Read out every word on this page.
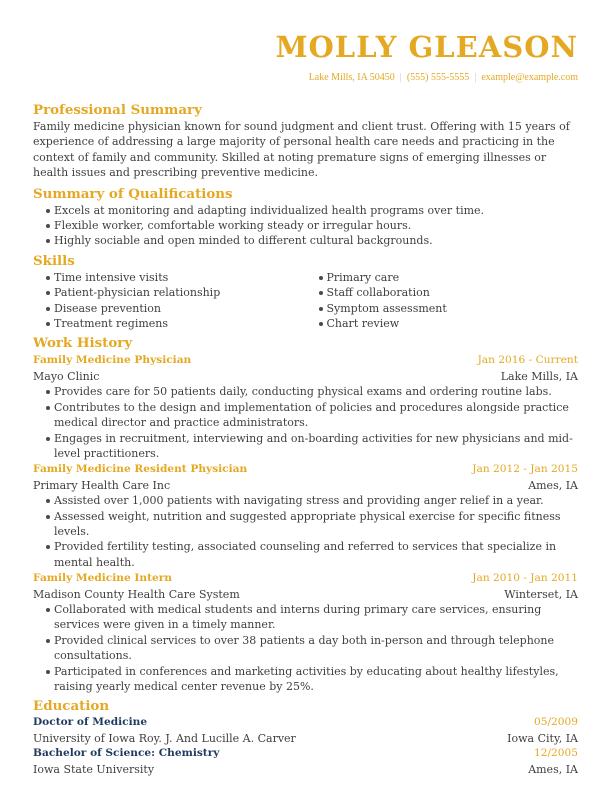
MOLLY GLEASON
Lake Mills, IA 50450 | (555) 555-5555 | example@example.com
Professional Summary
Family medicine physician known for sound judgment and client trust. Offering with 15 years of experience of addressing a large majority of personal health care needs and practicing in the context of family and community. Skilled at noting premature signs of emerging illnesses or health issues and prescribing preventive medicine.
Summary of Qualifications
Excels at monitoring and adapting individualized health programs over time.
Flexible worker, comfortable working steady or irregular hours.
Highly sociable and open minded to different cultural backgrounds.
Skills
Time intensive visits
Patient-physician relationship
Disease prevention
Treatment regimens
Primary care
Staff collaboration
Symptom assessment
Chart review
Work History
Family Medicine Physician	Jan 2016 - Current
Mayo Clinic	Lake Mills, IA
Provides care for 50 patients daily, conducting physical exams and ordering routine labs.
Contributes to the design and implementation of policies and procedures alongside practice medical director and practice administrators.
Engages in recruitment, interviewing and on-boarding activities for new physicians and mid-level practitioners.
Family Medicine Resident Physician	Jan 2012 - Jan 2015
Primary Health Care Inc	Ames, IA
Assisted over 1,000 patients with navigating stress and providing anger relief in a year.
Assessed weight, nutrition and suggested appropriate physical exercise for specific fitness levels.
Provided fertility testing, associated counseling and referred to services that specialize in mental health.
Family Medicine Intern	Jan 2010 - Jan 2011
Madison County Health Care System	Winterset, IA
Collaborated with medical students and interns during primary care services, ensuring services were given in a timely manner.
Provided clinical services to over 38 patients a day both in-person and through telephone consultations.
Participated in conferences and marketing activities by educating about healthy lifestyles, raising yearly medical center revenue by 25%.
Education
Doctor of Medicine	05/2009
University of Iowa Roy. J. And Lucille A. Carver	Iowa City, IA
Bachelor of Science: Chemistry	12/2005
Iowa State University	Ames, IA
